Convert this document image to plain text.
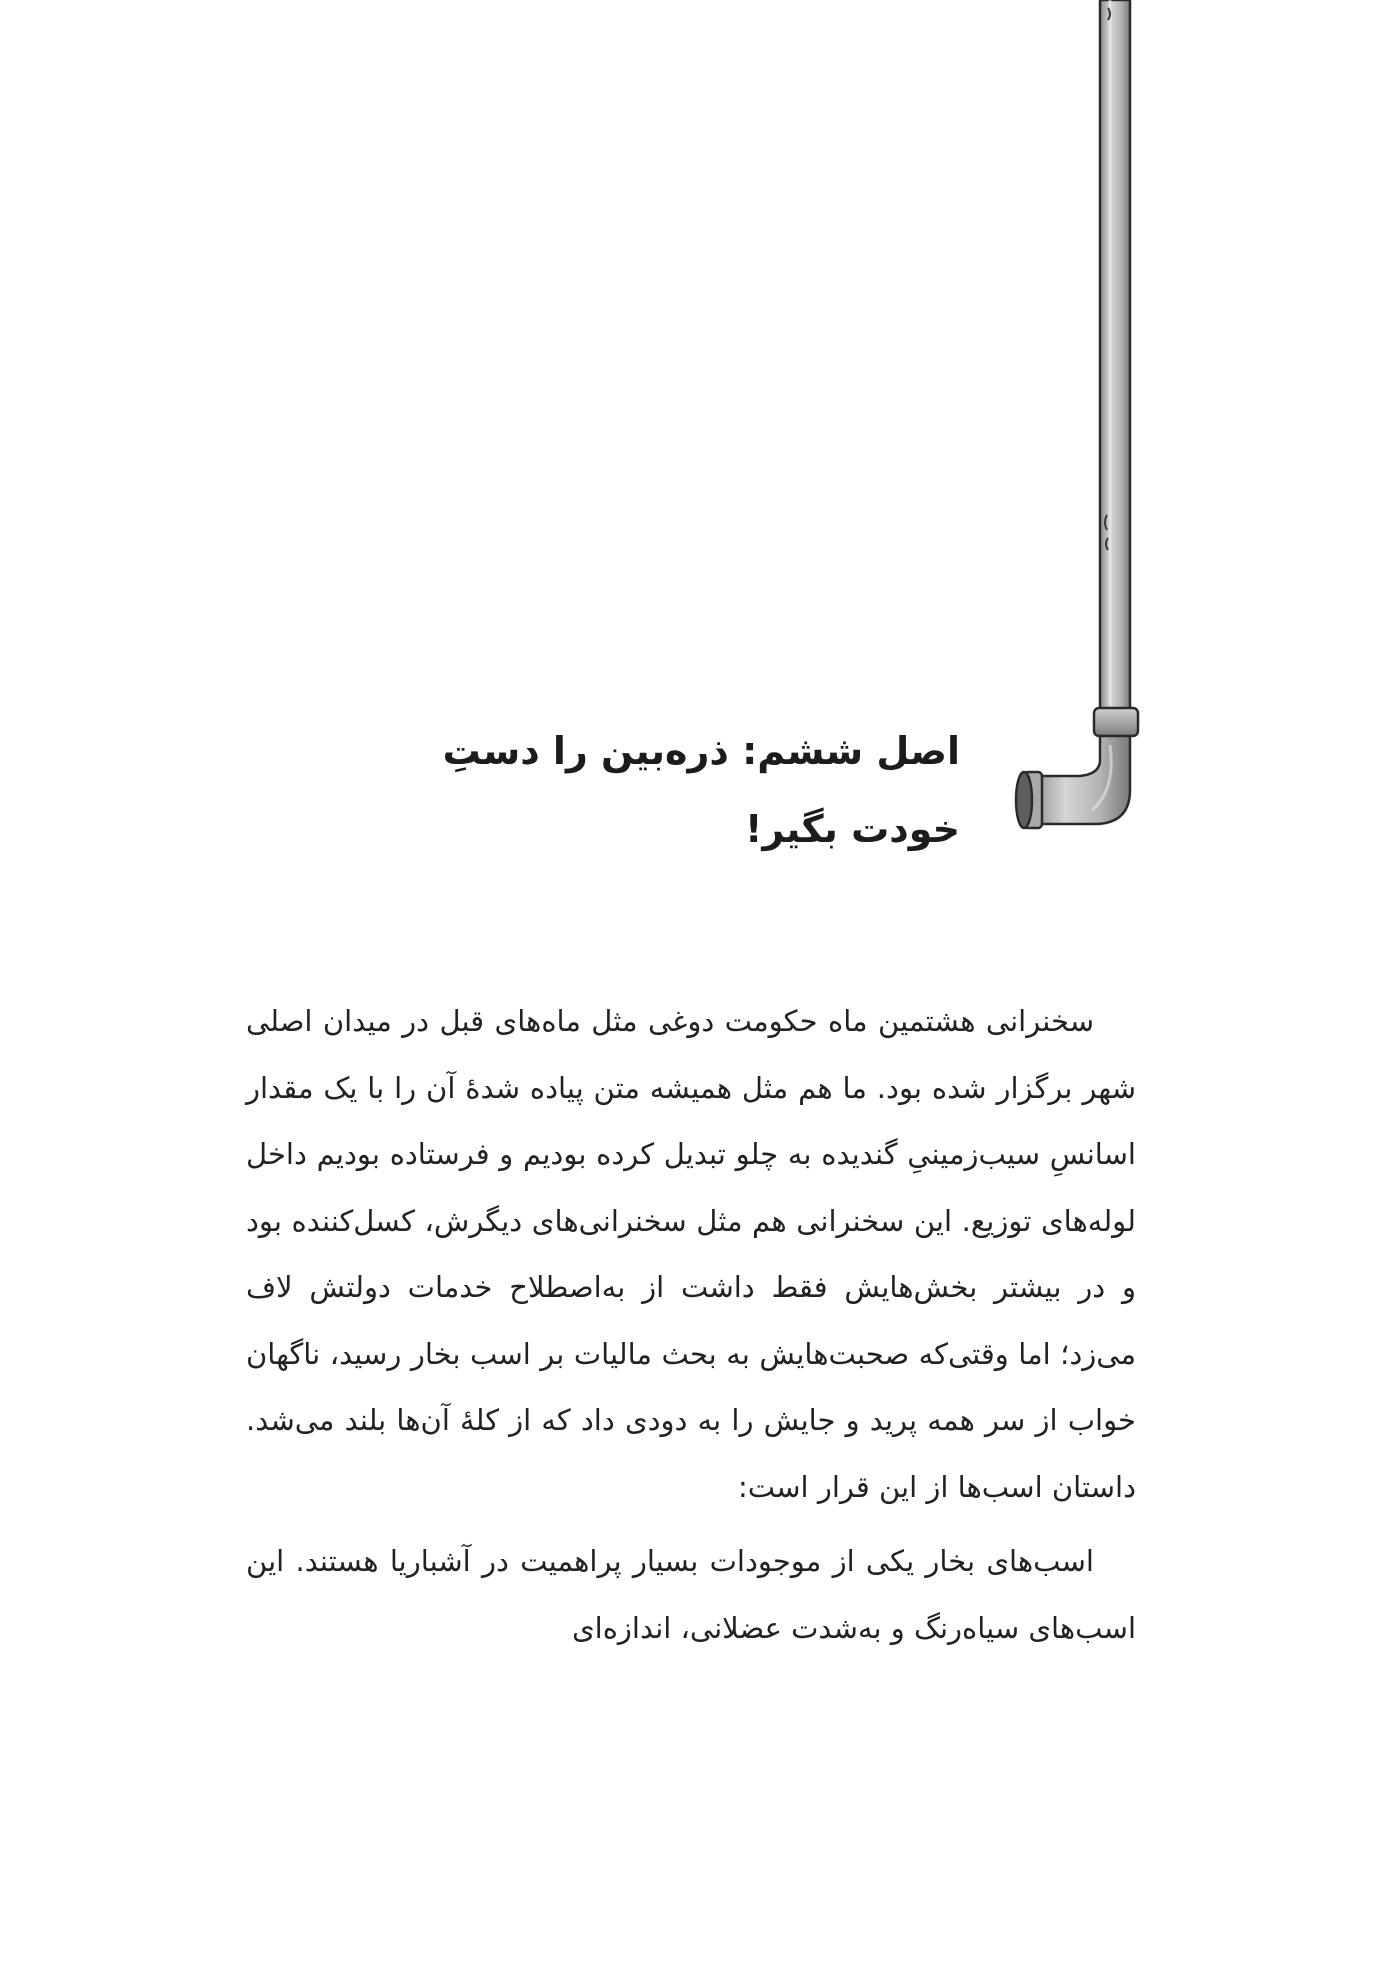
اصل ششم: ذره‌بین را دستِ
خودت بگیر!

سخنرانی هشتمین ماه حکومت دوغی مثل ماه‌های قبل در میدان اصلی شهر برگزار شده بود. ما هم مثل همیشه متن پیاده شدهٔ آن را با یک مقدار اسانسِ سیب‌زمینیِ گندیده به چلو تبدیل کرده بودیم و فرستاده بودیم داخل لوله‌های توزیع. این سخنرانی هم مثل سخنرانی‌های دیگرش، کسل‌کننده بود و در بیشتر بخش‌هایش فقط داشت از به‌اصطلاح خدمات دولتش لاف می‌زد؛ اما وقتی‌که صحبت‌هایش به بحث مالیات بر اسب بخار رسید، ناگهان خواب از سر همه پرید و جایش را به دودی داد که از کلهٔ آن‌ها بلند می‌شد. داستان اسب‌ها از این قرار است:

اسب‌های بخار یکی از موجودات بسیار پراهمیت در آشباریا هستند. این اسب‌های سیاه‌رنگ و به‌شدت عضلانی، اندازه‌ای
